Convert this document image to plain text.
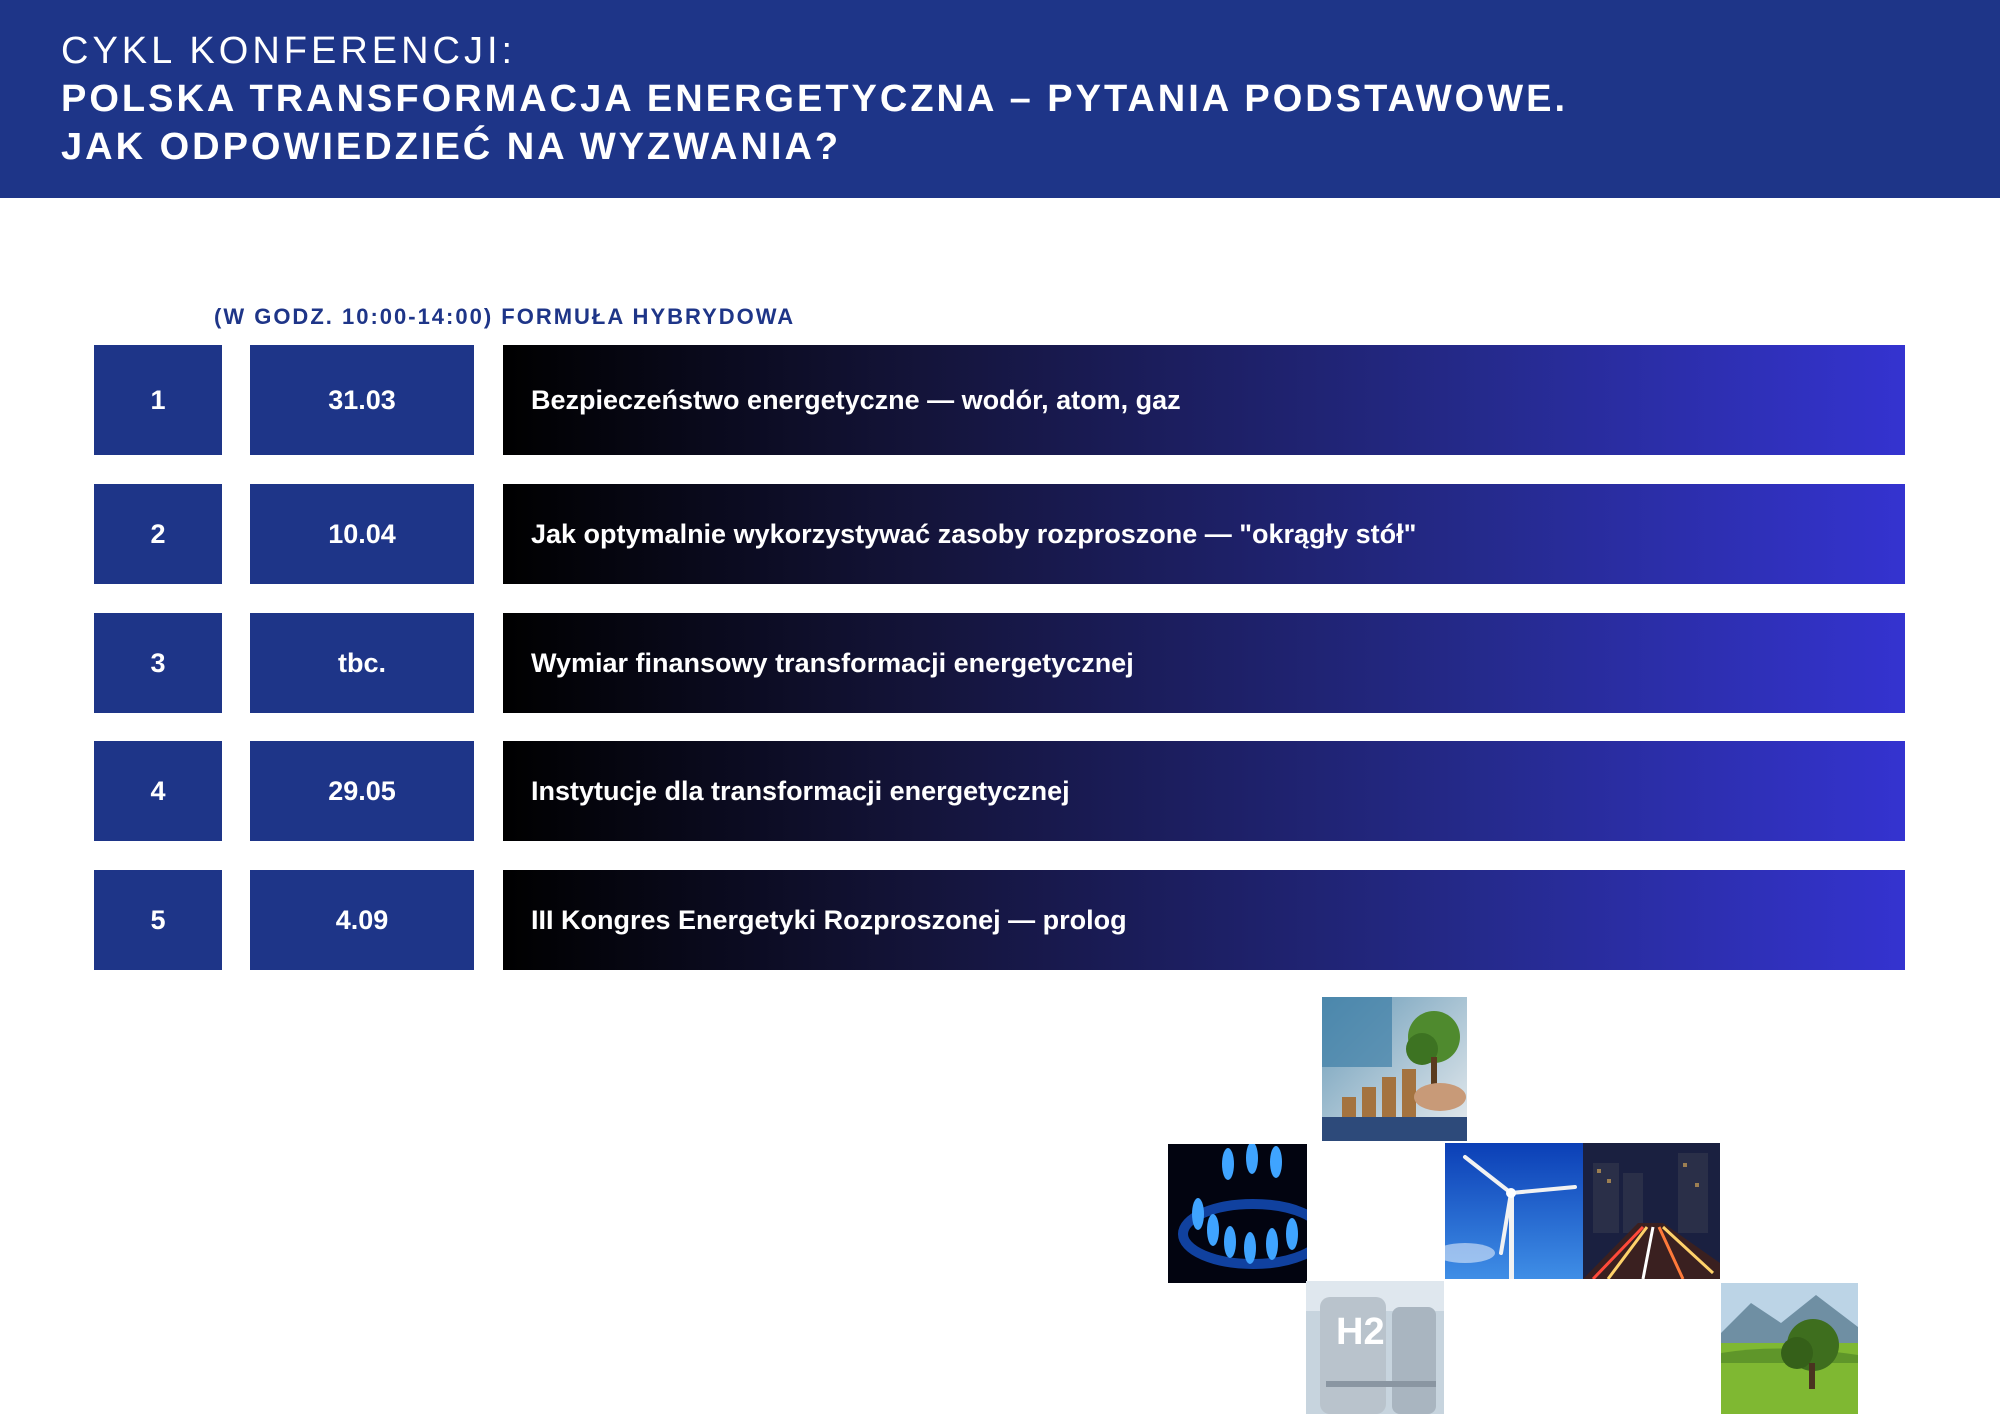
CYKL KONFERENCJI:
POLSKA TRANSFORMACJA ENERGETYCZNA – PYTANIA PODSTAWOWE.
JAK ODPOWIEDZIEĆ NA WYZWANIA?
(W GODZ. 10:00-14:00) FORMUŁA HYBRYDOWA
1	31.03	Bezpieczeństwo energetyczne — wodór, atom, gaz
2	10.04	Jak optymalnie wykorzystywać zasoby rozproszone — "okrągły stół"
3	tbc.	Wymiar finansowy transformacji energetycznej
4	29.05	Instytucje dla transformacji energetycznej
5	4.09	III Kongres Energetyki Rozproszonej — prolog
H2
